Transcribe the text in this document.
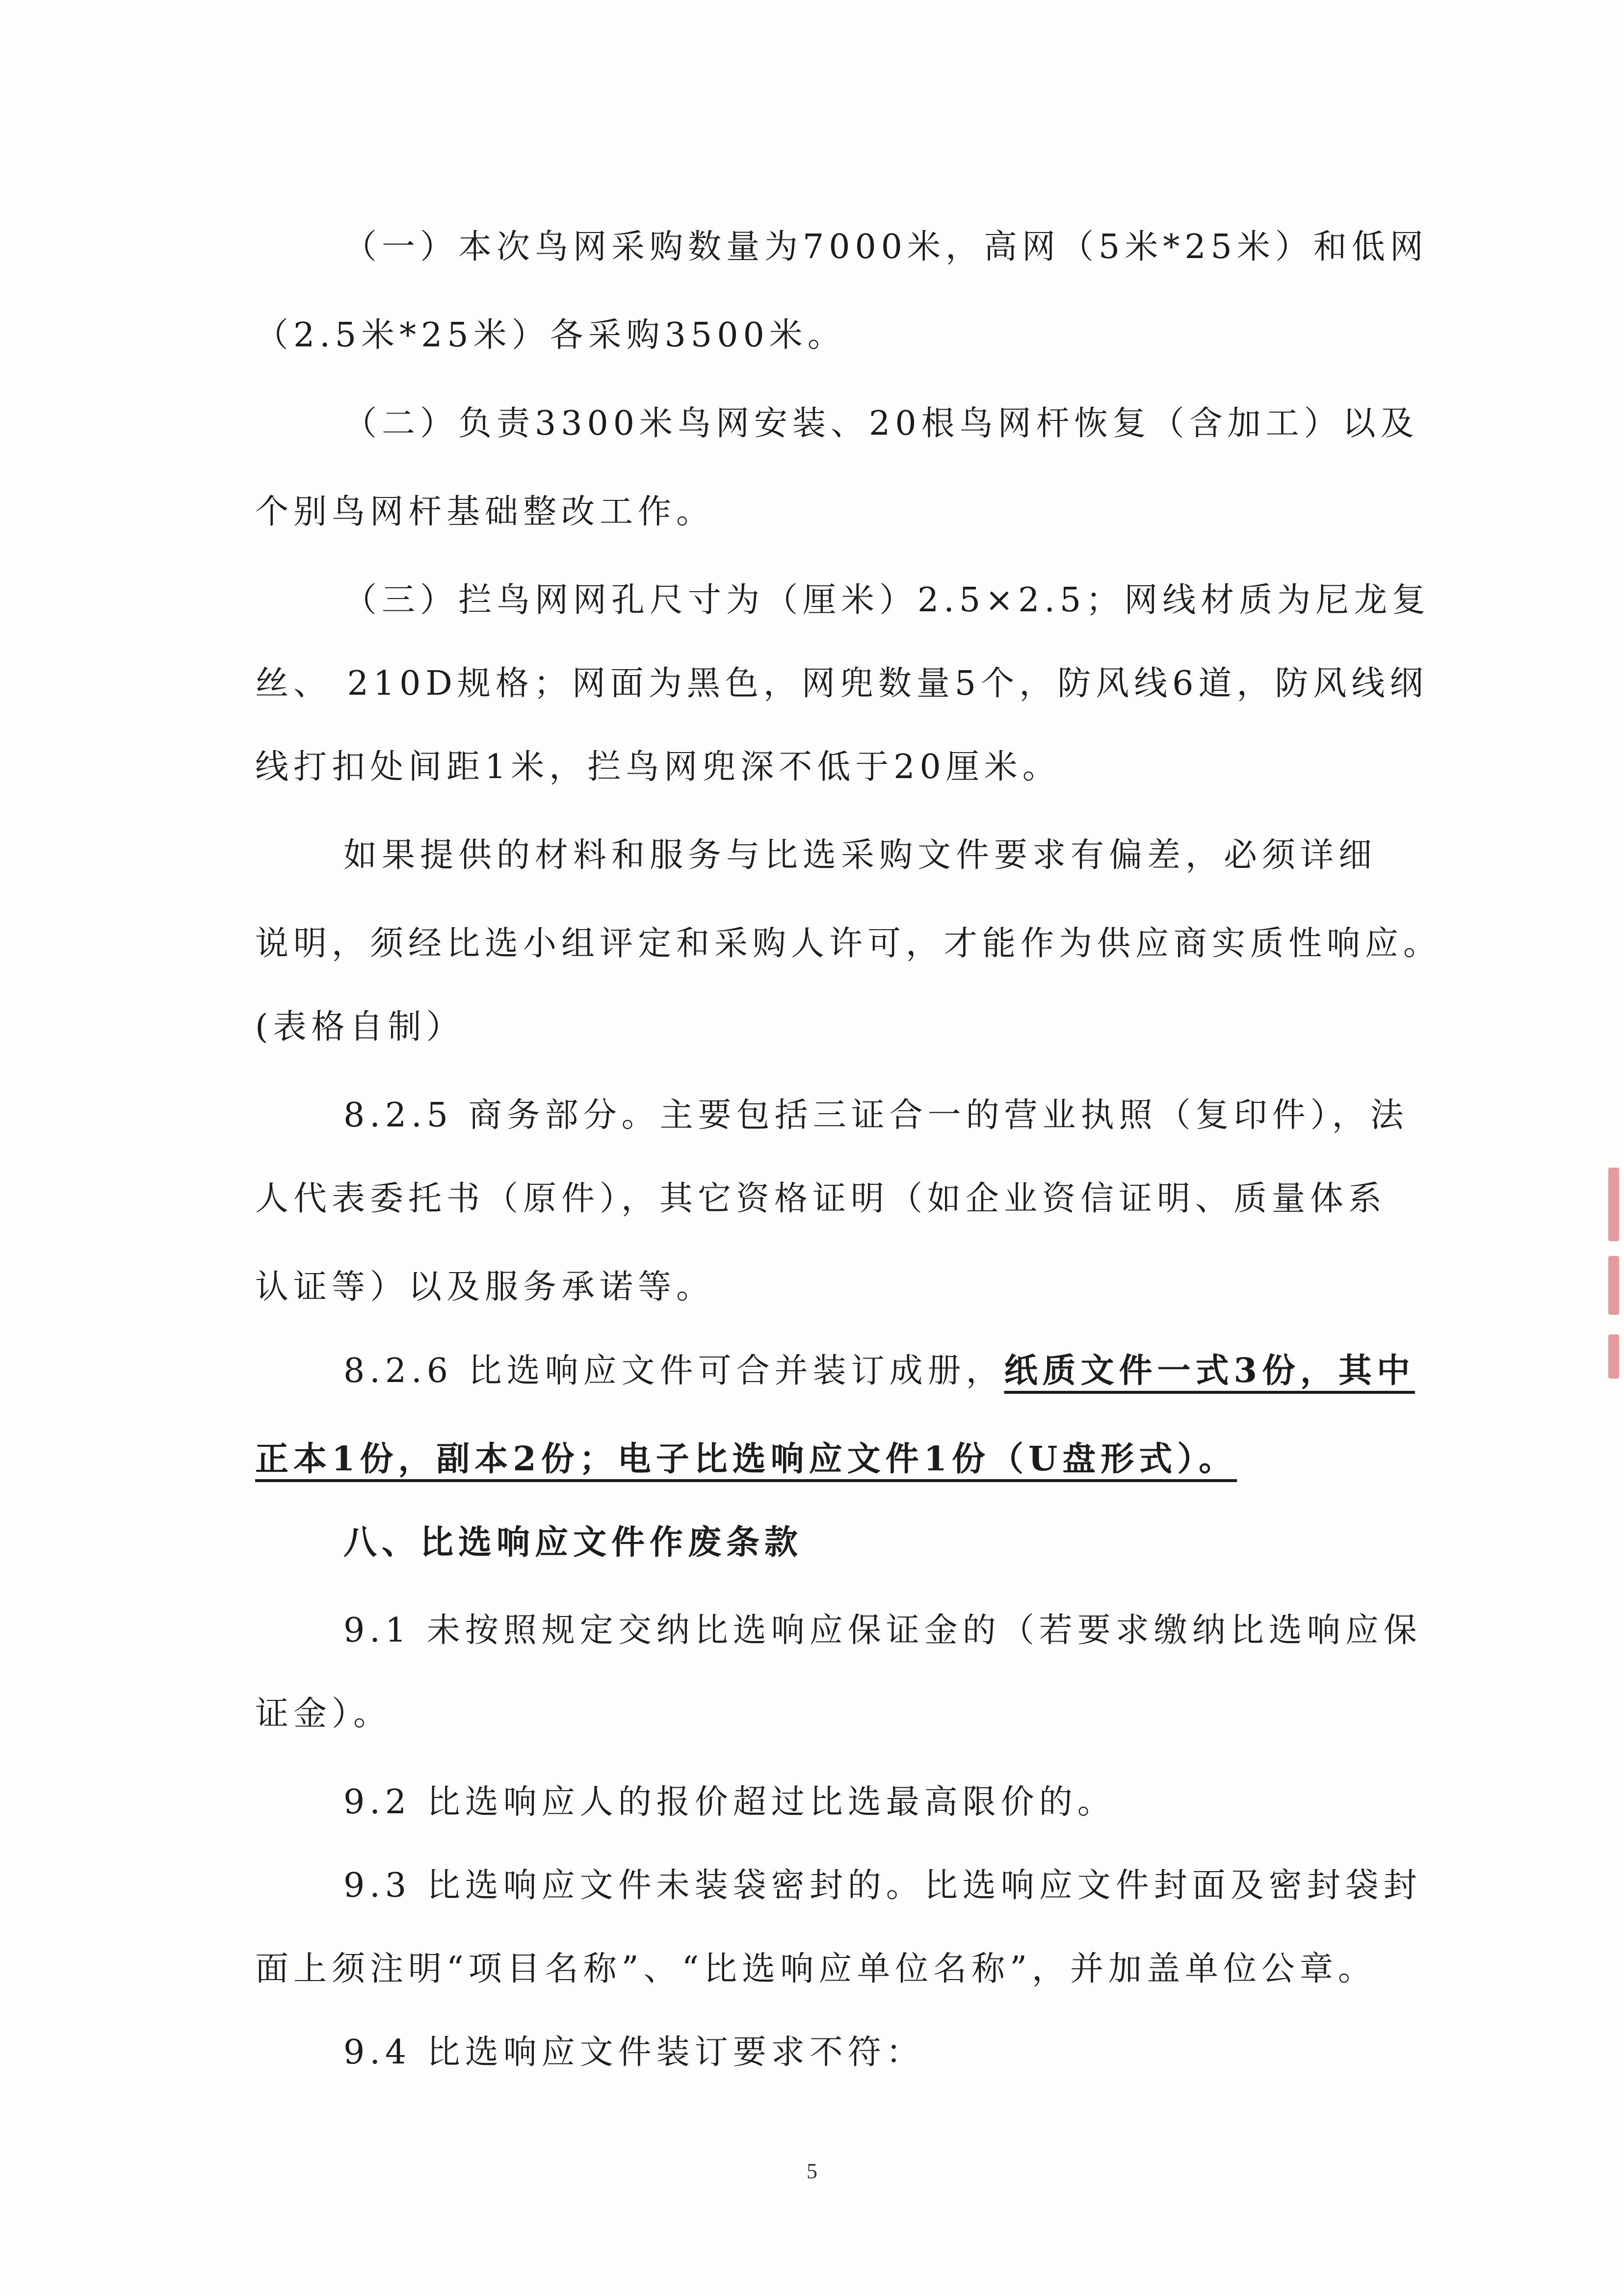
（一）本次鸟网采购数量为7000米，高网（5米*25米）和低网
（2.5米*25米）各采购3500米。
（二）负责3300米鸟网安装、20根鸟网杆恢复（含加工）以及
个别鸟网杆基础整改工作。
（三）拦鸟网网孔尺寸为（厘米）2.5×2.5；网线材质为尼龙复
丝、 210D规格；网面为黑色，网兜数量5个，防风线6道，防风线纲
线打扣处间距1米，拦鸟网兜深不低于20厘米。
如果提供的材料和服务与比选采购文件要求有偏差，必须详细
说明，须经比选小组评定和采购人许可，才能作为供应商实质性响应。
(表格自制）
8.2.5 商务部分。主要包括三证合一的营业执照（复印件），法
人代表委托书（原件），其它资格证明（如企业资信证明、质量体系
认证等）以及服务承诺等。
8.2.6 比选响应文件可合并装订成册，纸质文件一式3份，其中
正本1份，副本2份；电子比选响应文件1份（U盘形式）。
八、比选响应文件作废条款
9.1 未按照规定交纳比选响应保证金的（若要求缴纳比选响应保
证金）。
9.2 比选响应人的报价超过比选最高限价的。
9.3 比选响应文件未装袋密封的。比选响应文件封面及密封袋封
面上须注明“项目名称”、“比选响应单位名称”，并加盖单位公章。
9.4 比选响应文件装订要求不符：
5
